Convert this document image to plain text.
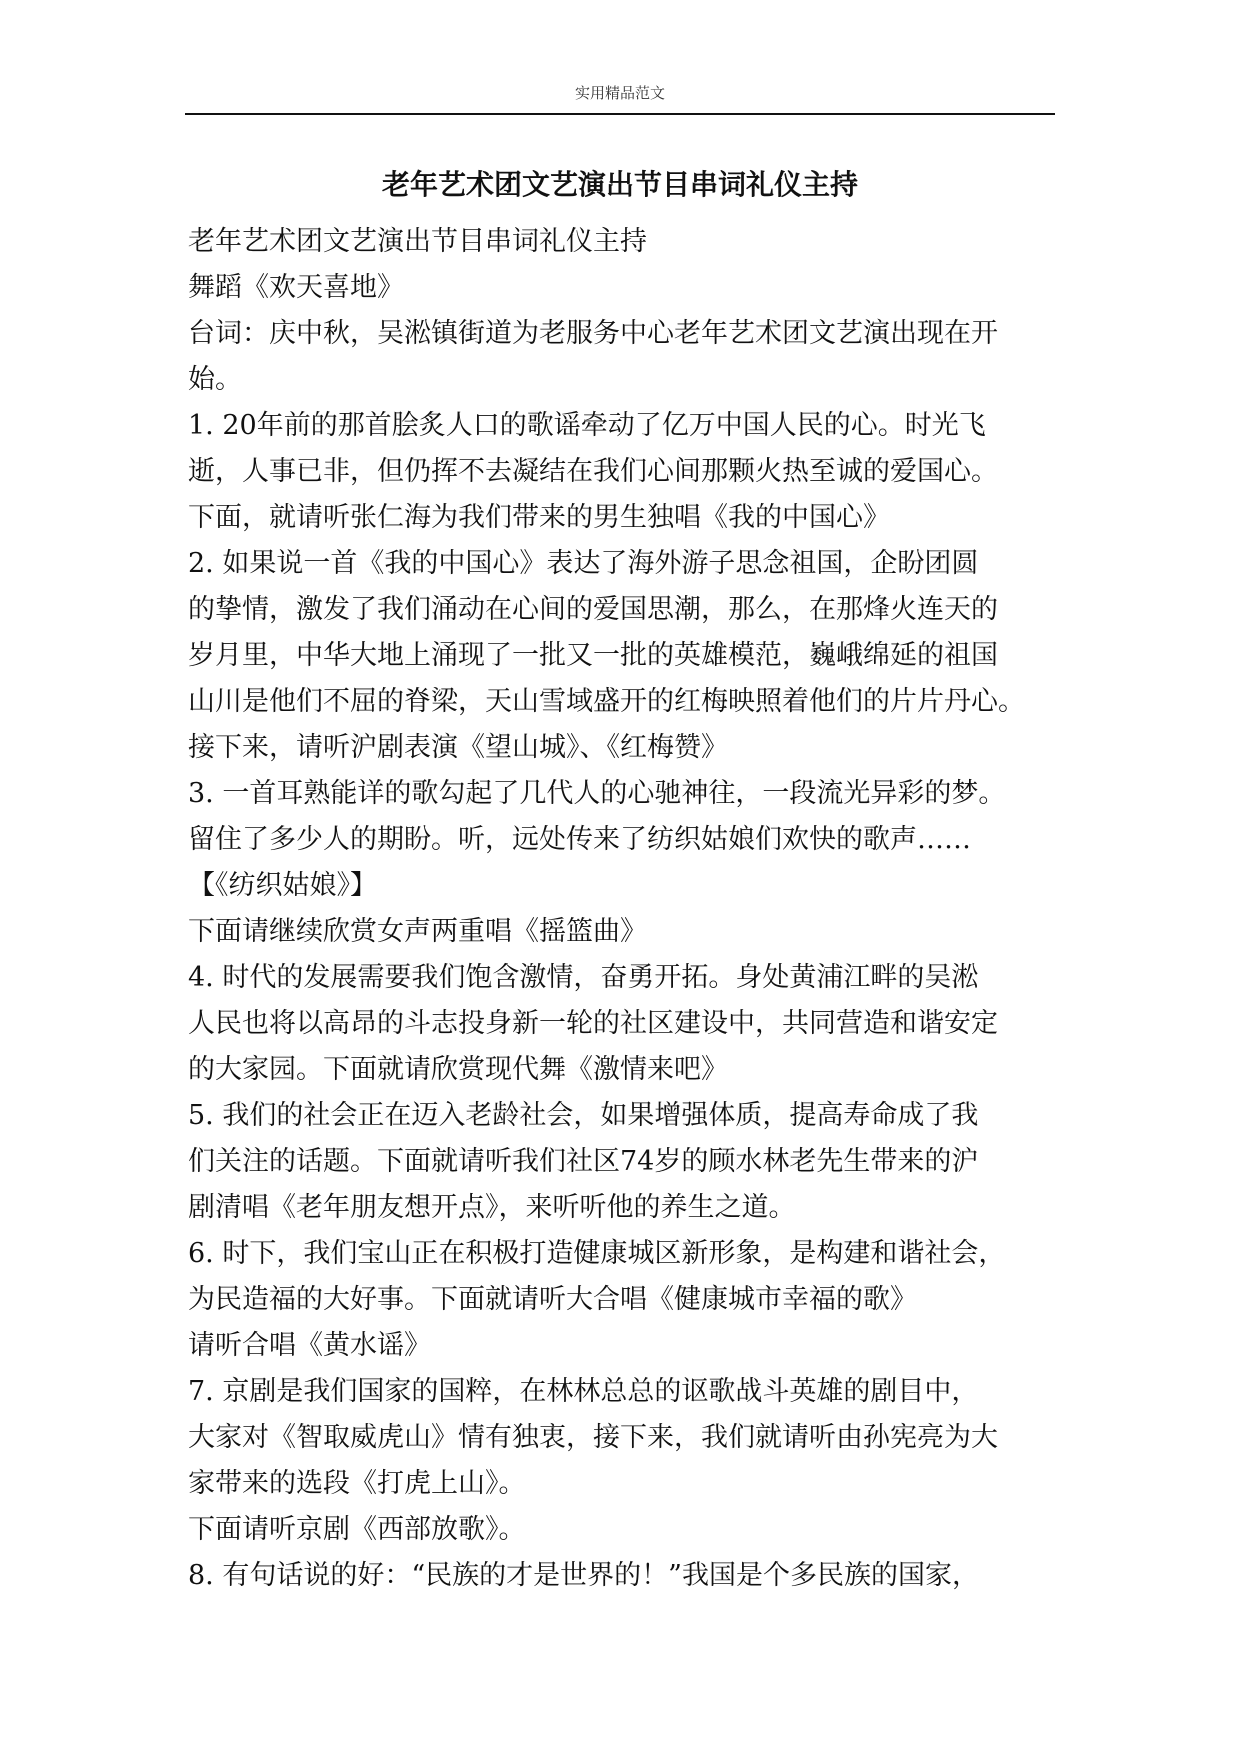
实用精品范文
老年艺术团文艺演出节目串词礼仪主持
老年艺术团文艺演出节目串词礼仪主持
舞蹈《欢天喜地》
台词：庆中秋，吴淞镇街道为老服务中心老年艺术团文艺演出现在开
始。
1. 20年前的那首脍炙人口的歌谣牵动了亿万中国人民的心。时光飞
逝，人事已非，但仍挥不去凝结在我们心间那颗火热至诚的爱国心。
下面，就请听张仁海为我们带来的男生独唱《我的中国心》
2. 如果说一首《我的中国心》表达了海外游子思念祖国，企盼团圆
的挚情，激发了我们涌动在心间的爱国思潮，那么，在那烽火连天的
岁月里，中华大地上涌现了一批又一批的英雄模范，巍峨绵延的祖国
山川是他们不屈的脊梁，天山雪域盛开的红梅映照着他们的片片丹心。
接下来，请听沪剧表演《望山城》、《红梅赞》
3. 一首耳熟能详的歌勾起了几代人的心驰神往，一段流光异彩的梦。
留住了多少人的期盼。听，远处传来了纺织姑娘们欢快的歌声……
【《纺织姑娘》】
下面请继续欣赏女声两重唱《摇篮曲》
4. 时代的发展需要我们饱含激情，奋勇开拓。身处黄浦江畔的吴淞
人民也将以高昂的斗志投身新一轮的社区建设中，共同营造和谐安定
的大家园。下面就请欣赏现代舞《激情来吧》
5. 我们的社会正在迈入老龄社会，如果增强体质，提高寿命成了我
们关注的话题。下面就请听我们社区74岁的顾水林老先生带来的沪
剧清唱《老年朋友想开点》，来听听他的养生之道。
6. 时下，我们宝山正在积极打造健康城区新形象，是构建和谐社会，
为民造福的大好事。下面就请听大合唱《健康城市幸福的歌》
请听合唱《黄水谣》
7. 京剧是我们国家的国粹，在林林总总的讴歌战斗英雄的剧目中，
大家对《智取威虎山》情有独衷，接下来，我们就请听由孙宪亮为大
家带来的选段《打虎上山》。
下面请听京剧《西部放歌》。
8. 有句话说的好：“民族的才是世界的！”我国是个多民族的国家，
